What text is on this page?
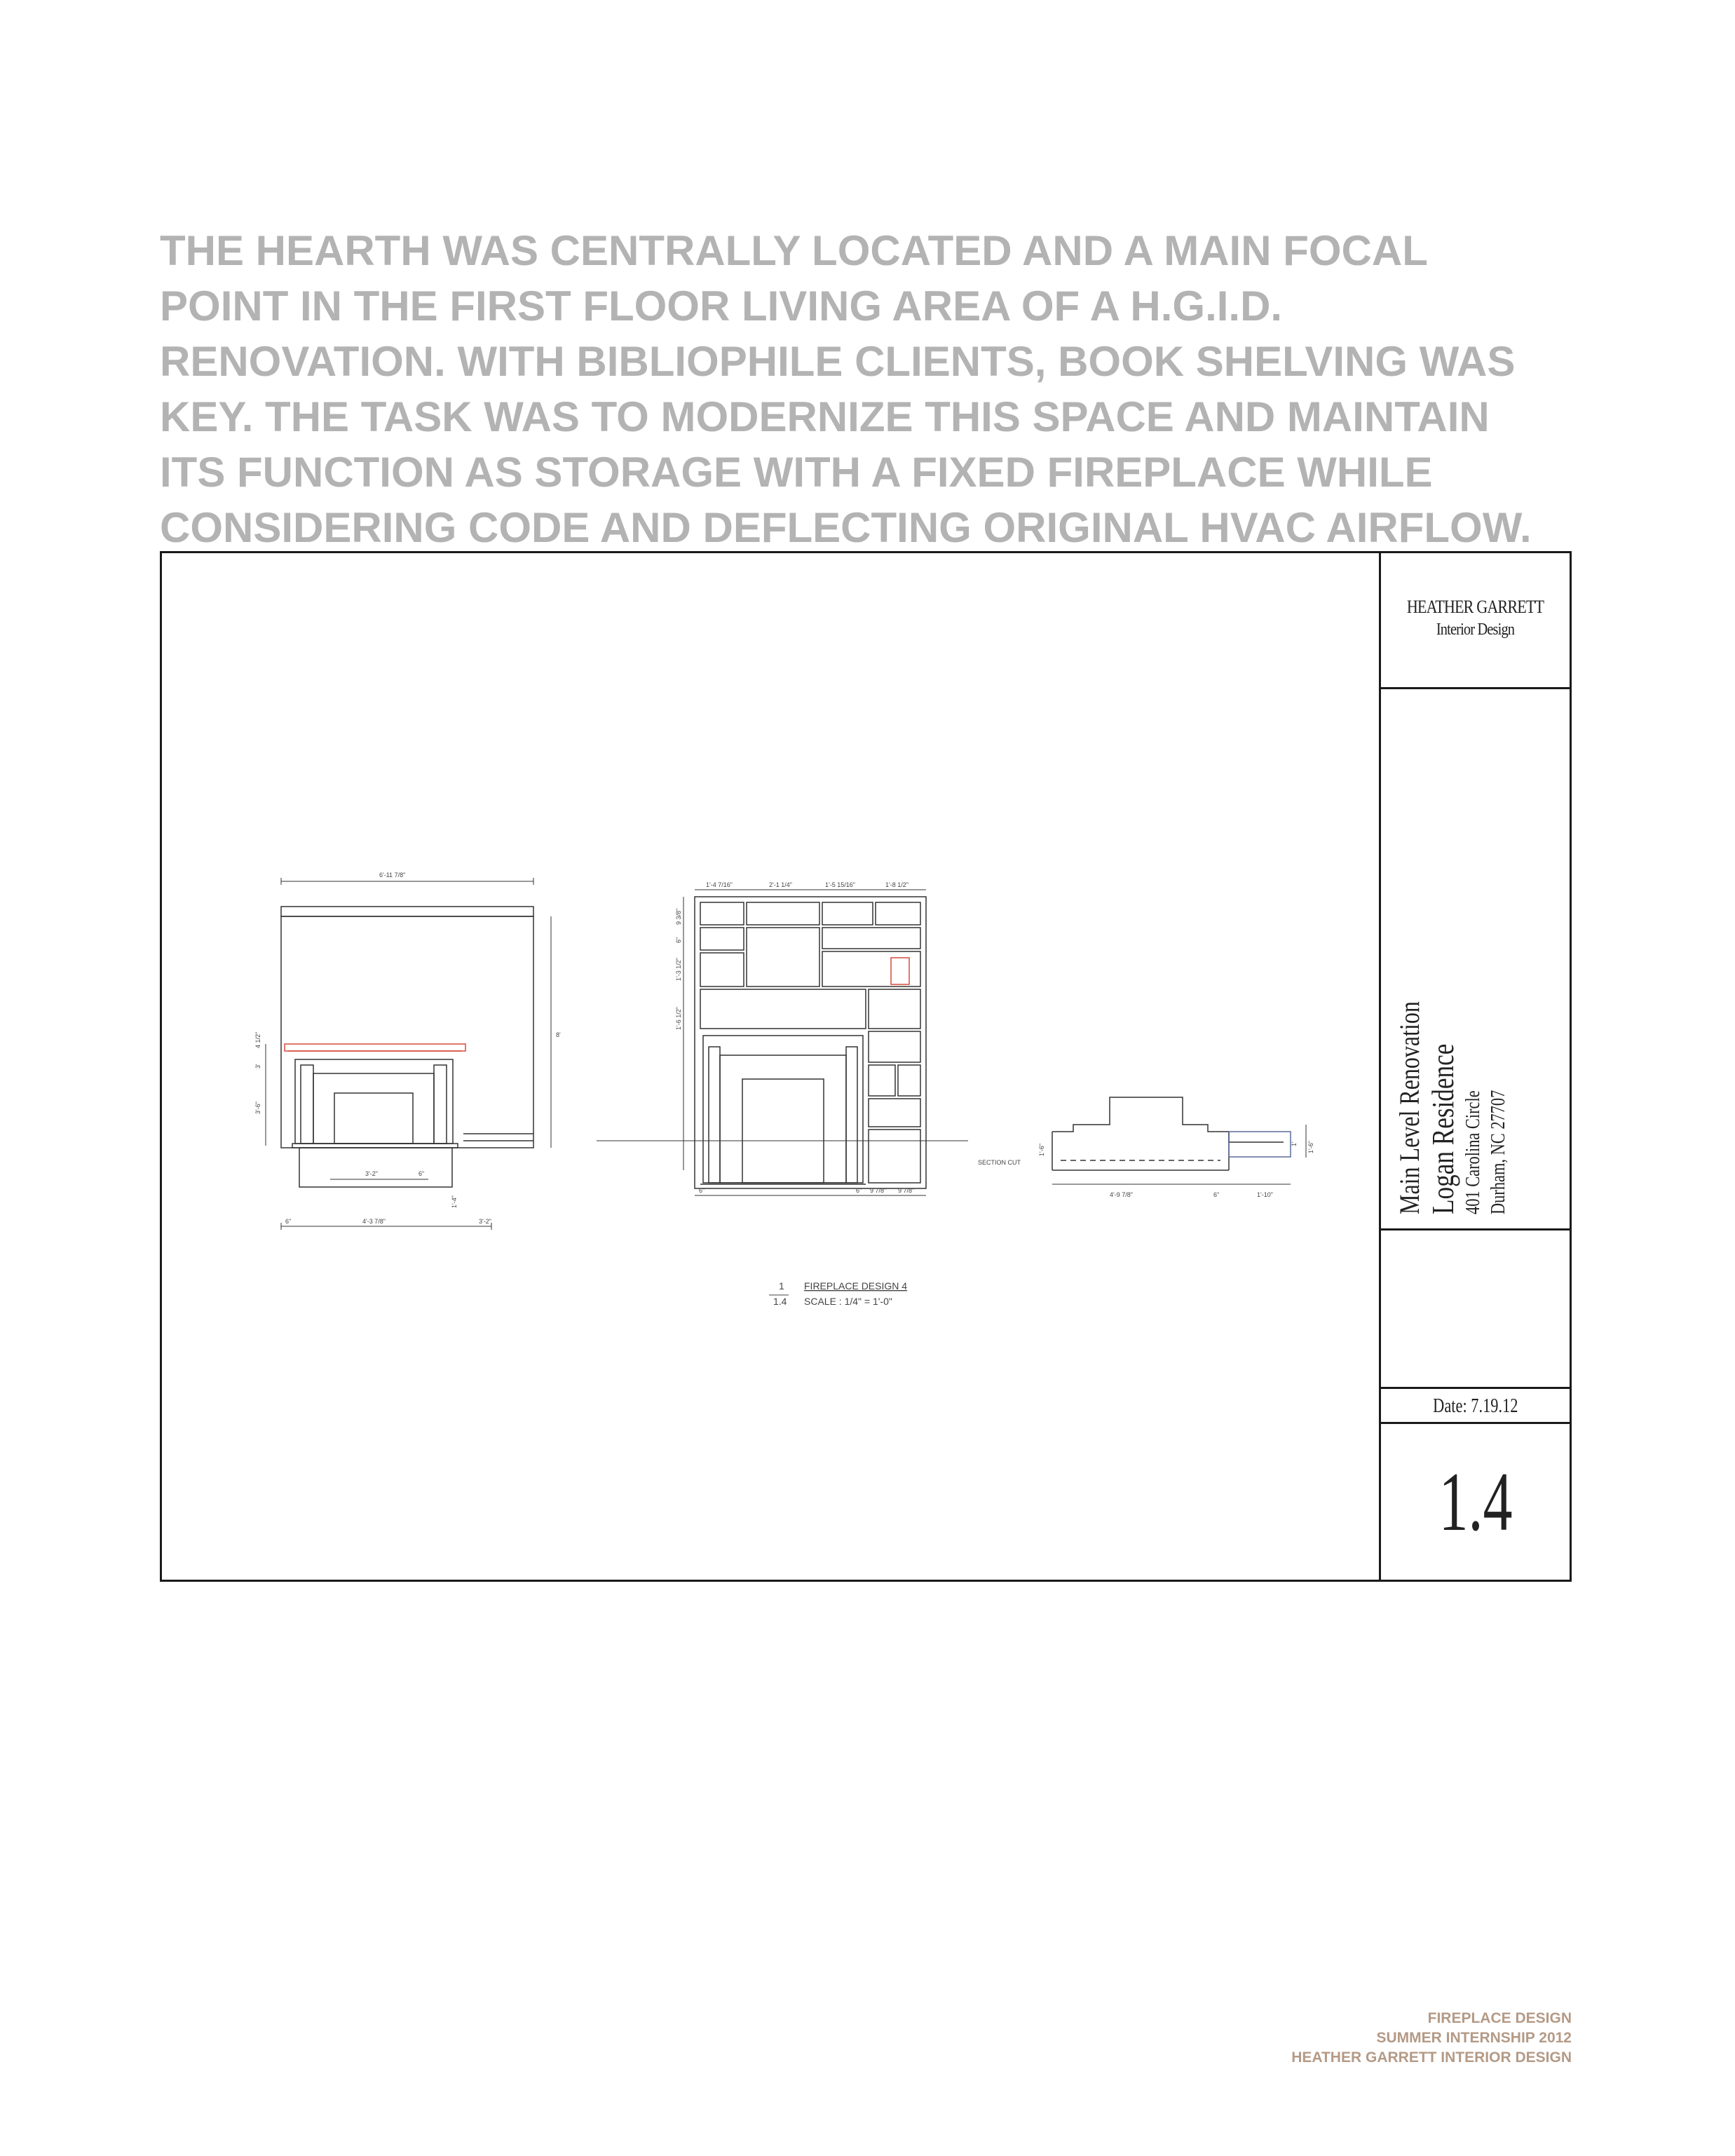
THE HEARTH WAS CENTRALLY LOCATED AND A MAIN FOCAL
POINT IN THE FIRST FLOOR LIVING AREA OF A H.G.I.D.
RENOVATION. WITH BIBLIOPHILE CLIENTS, BOOK SHELVING WAS
KEY. THE TASK WAS TO MODERNIZE THIS SPACE AND MAINTAIN
ITS FUNCTION AS STORAGE WITH A FIXED FIREPLACE WHILE
CONSIDERING CODE AND DEFLECTING ORIGINAL HVAC AIRFLOW.
6'-11 7/8"
4 1/2"
3'
3'-6"
8'
3'-2"	6"
1'-4"
6"	4'-3 7/8"	3'-2"
1'-4 7/16"	2'-1 1/4"	1'-5 15/16"	1'-8 1/2"
9 3/8"
6"
1'-3 1/2"
1'-6 1/2"
6"	6" 9 7/8" 9 7/8"
SECTION CUT
1'-6"	1' 1'-6"
4'-9 7/8"	6"	1'-10"
1
1.4
FIREPLACE DESIGN 4
SCALE : 1/4" = 1'-0"
HEATHER GARRETT
Interior Design
Main Level Renovation Logan Residence 401 Carolina Circle Durham, NC 27707
Date: 7.19.12
1.4
FIREPLACE DESIGN
SUMMER INTERNSHIP 2012
HEATHER GARRETT INTERIOR DESIGN
